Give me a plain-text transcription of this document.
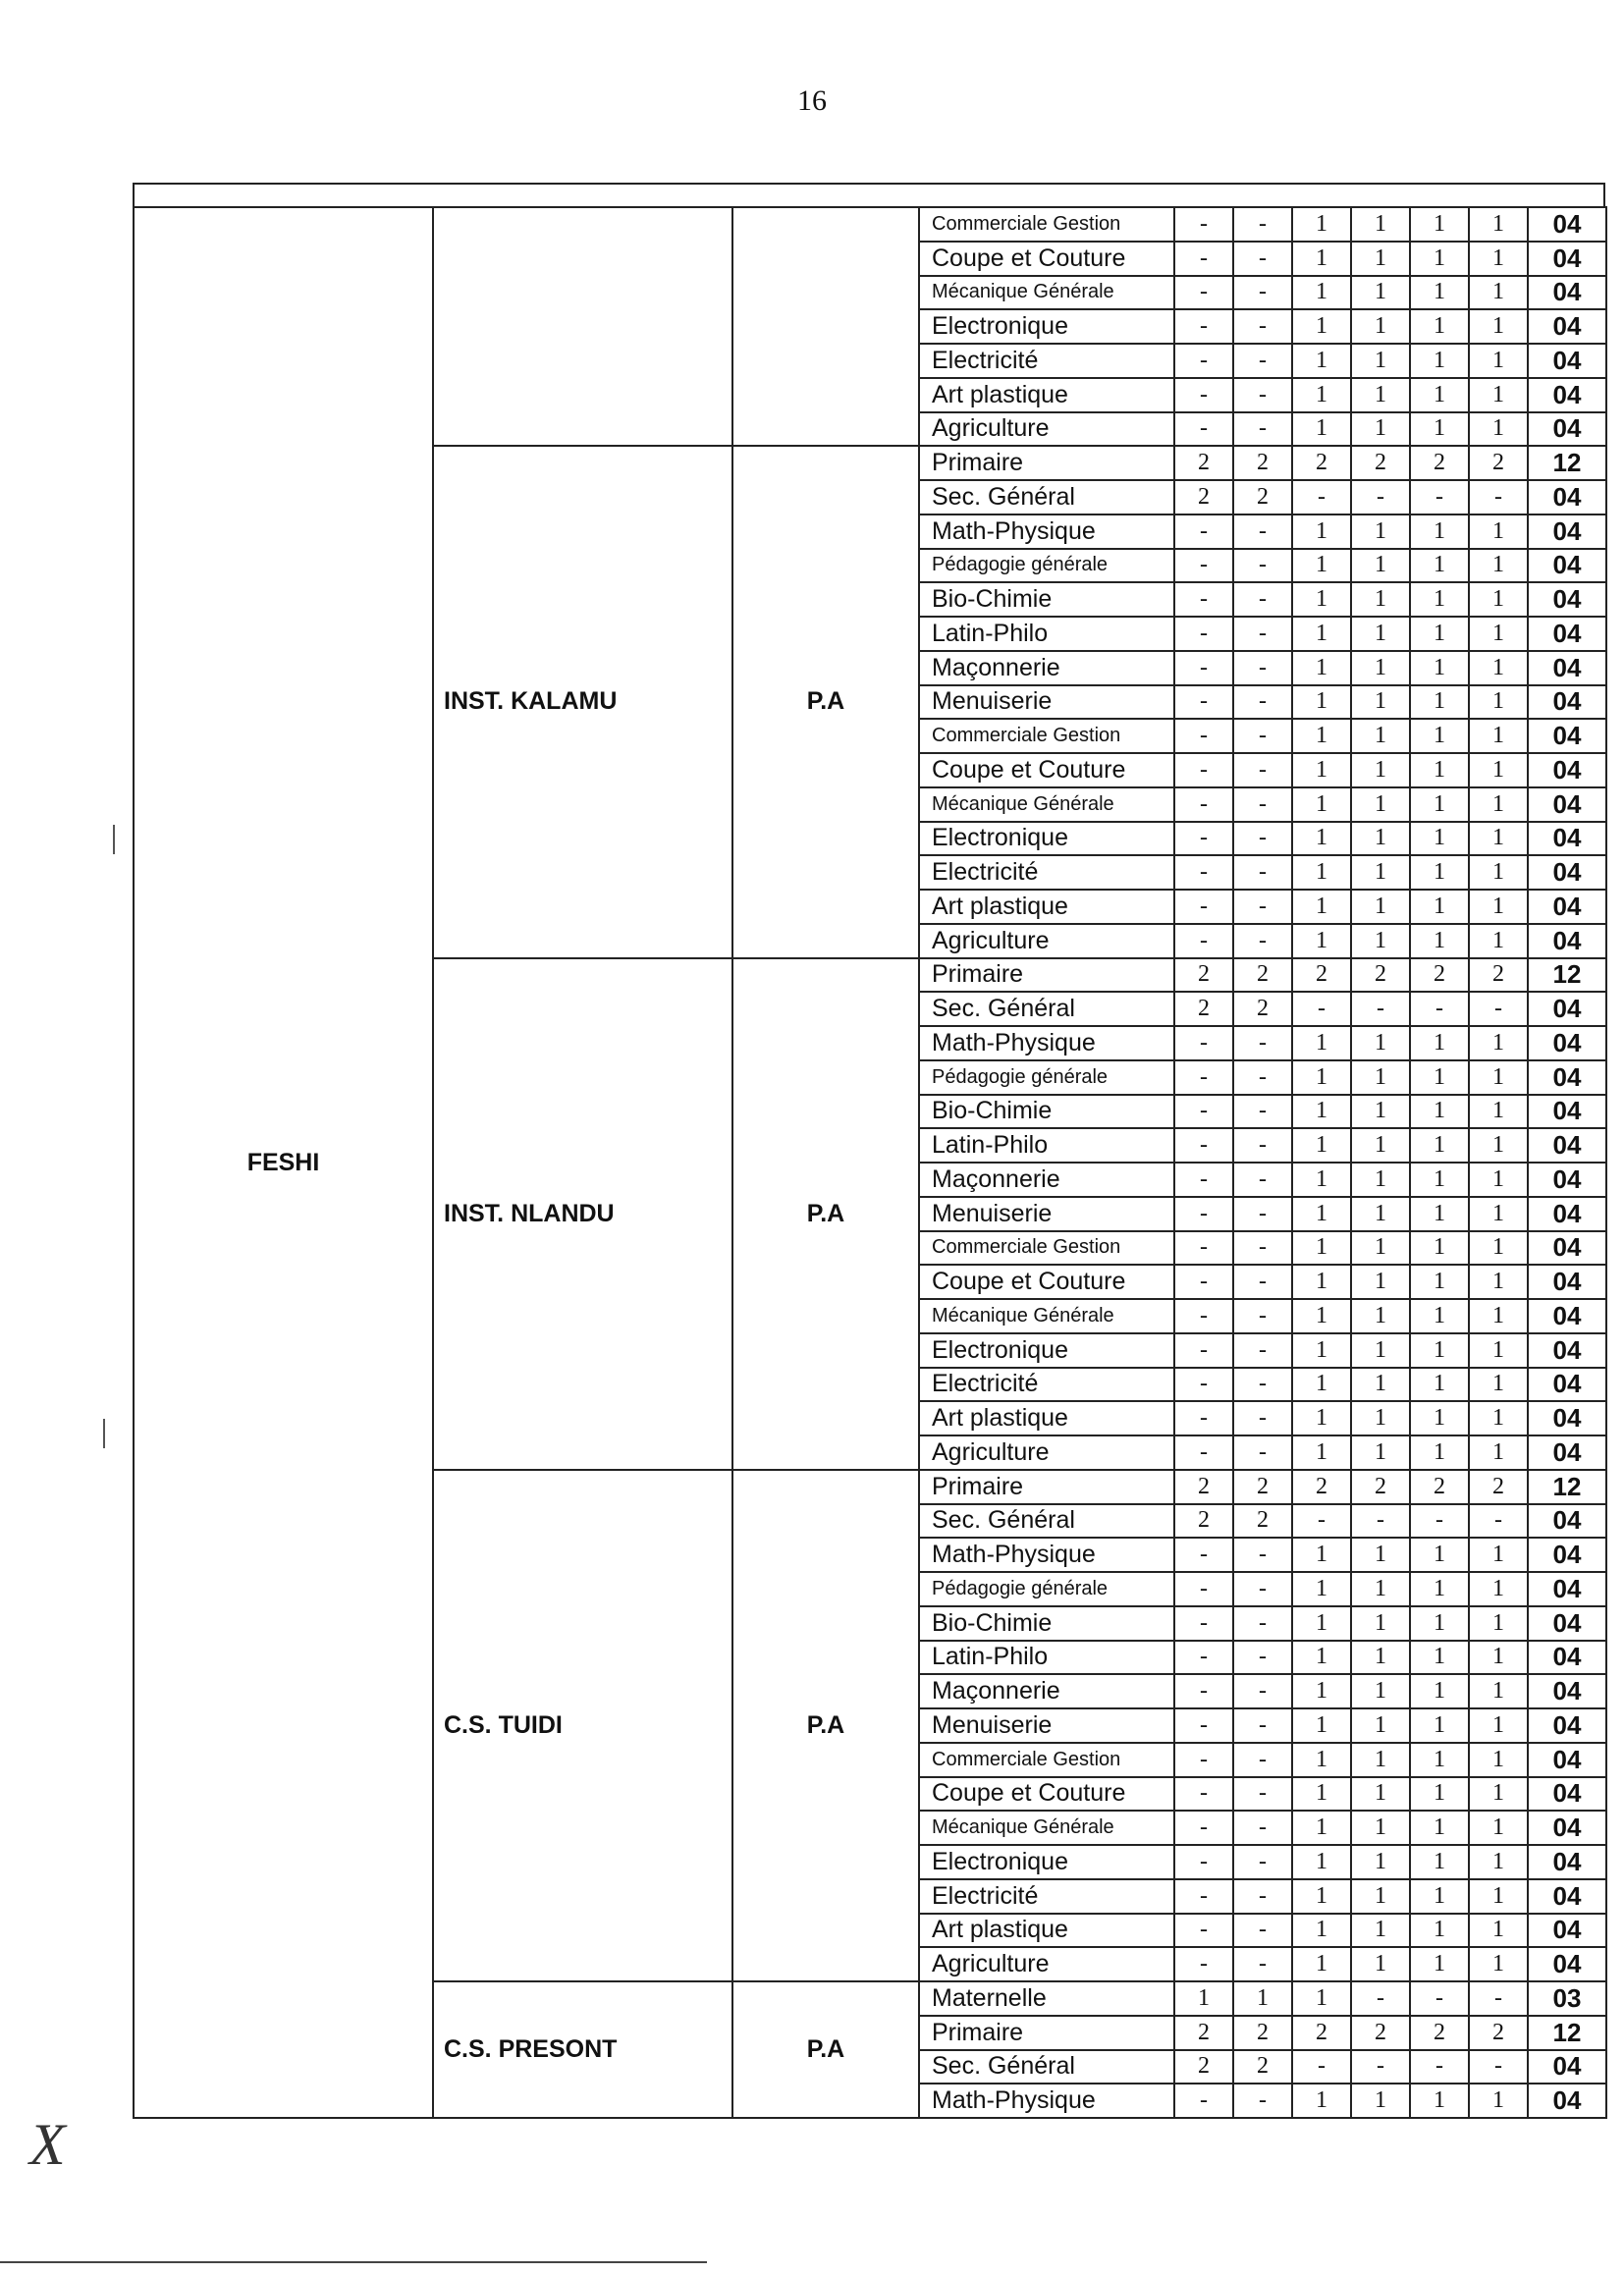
16
FESHI			Commerciale Gestion	-	-	1	1	1	1	04
			Coupe et Couture	-	-	1	1	1	1	04
			Mécanique Générale	-	-	1	1	1	1	04
			Electronique	-	-	1	1	1	1	04
			Electricité	-	-	1	1	1	1	04
			Art plastique	-	-	1	1	1	1	04
			Agriculture	-	-	1	1	1	1	04
	INST. KALAMU	P.A	Primaire	2	2	2	2	2	2	12
			Sec. Général	2	2	-	-	-	-	04
			Math-Physique	-	-	1	1	1	1	04
			Pédagogie générale	-	-	1	1	1	1	04
			Bio-Chimie	-	-	1	1	1	1	04
			Latin-Philo	-	-	1	1	1	1	04
			Maçonnerie	-	-	1	1	1	1	04
			Menuiserie	-	-	1	1	1	1	04
			Commerciale Gestion	-	-	1	1	1	1	04
			Coupe et Couture	-	-	1	1	1	1	04
			Mécanique Générale	-	-	1	1	1	1	04
			Electronique	-	-	1	1	1	1	04
			Electricité	-	-	1	1	1	1	04
			Art plastique	-	-	1	1	1	1	04
			Agriculture	-	-	1	1	1	1	04
	INST. NLANDU	P.A	Primaire	2	2	2	2	2	2	12
			Sec. Général	2	2	-	-	-	-	04
			Math-Physique	-	-	1	1	1	1	04
			Pédagogie générale	-	-	1	1	1	1	04
			Bio-Chimie	-	-	1	1	1	1	04
			Latin-Philo	-	-	1	1	1	1	04
			Maçonnerie	-	-	1	1	1	1	04
			Menuiserie	-	-	1	1	1	1	04
			Commerciale Gestion	-	-	1	1	1	1	04
			Coupe et Couture	-	-	1	1	1	1	04
			Mécanique Générale	-	-	1	1	1	1	04
			Electronique	-	-	1	1	1	1	04
			Electricité	-	-	1	1	1	1	04
			Art plastique	-	-	1	1	1	1	04
			Agriculture	-	-	1	1	1	1	04
	C.S. TUIDI	P.A	Primaire	2	2	2	2	2	2	12
			Sec. Général	2	2	-	-	-	-	04
			Math-Physique	-	-	1	1	1	1	04
			Pédagogie générale	-	-	1	1	1	1	04
			Bio-Chimie	-	-	1	1	1	1	04
			Latin-Philo	-	-	1	1	1	1	04
			Maçonnerie	-	-	1	1	1	1	04
			Menuiserie	-	-	1	1	1	1	04
			Commerciale Gestion	-	-	1	1	1	1	04
			Coupe et Couture	-	-	1	1	1	1	04
			Mécanique Générale	-	-	1	1	1	1	04
			Electronique	-	-	1	1	1	1	04
			Electricité	-	-	1	1	1	1	04
			Art plastique	-	-	1	1	1	1	04
			Agriculture	-	-	1	1	1	1	04
	C.S. PRESONT	P.A	Maternelle	1	1	1	-	-	-	03
			Primaire	2	2	2	2	2	2	12
			Sec. Général	2	2	-	-	-	-	04
			Math-Physique	-	-	1	1	1	1	04
X
